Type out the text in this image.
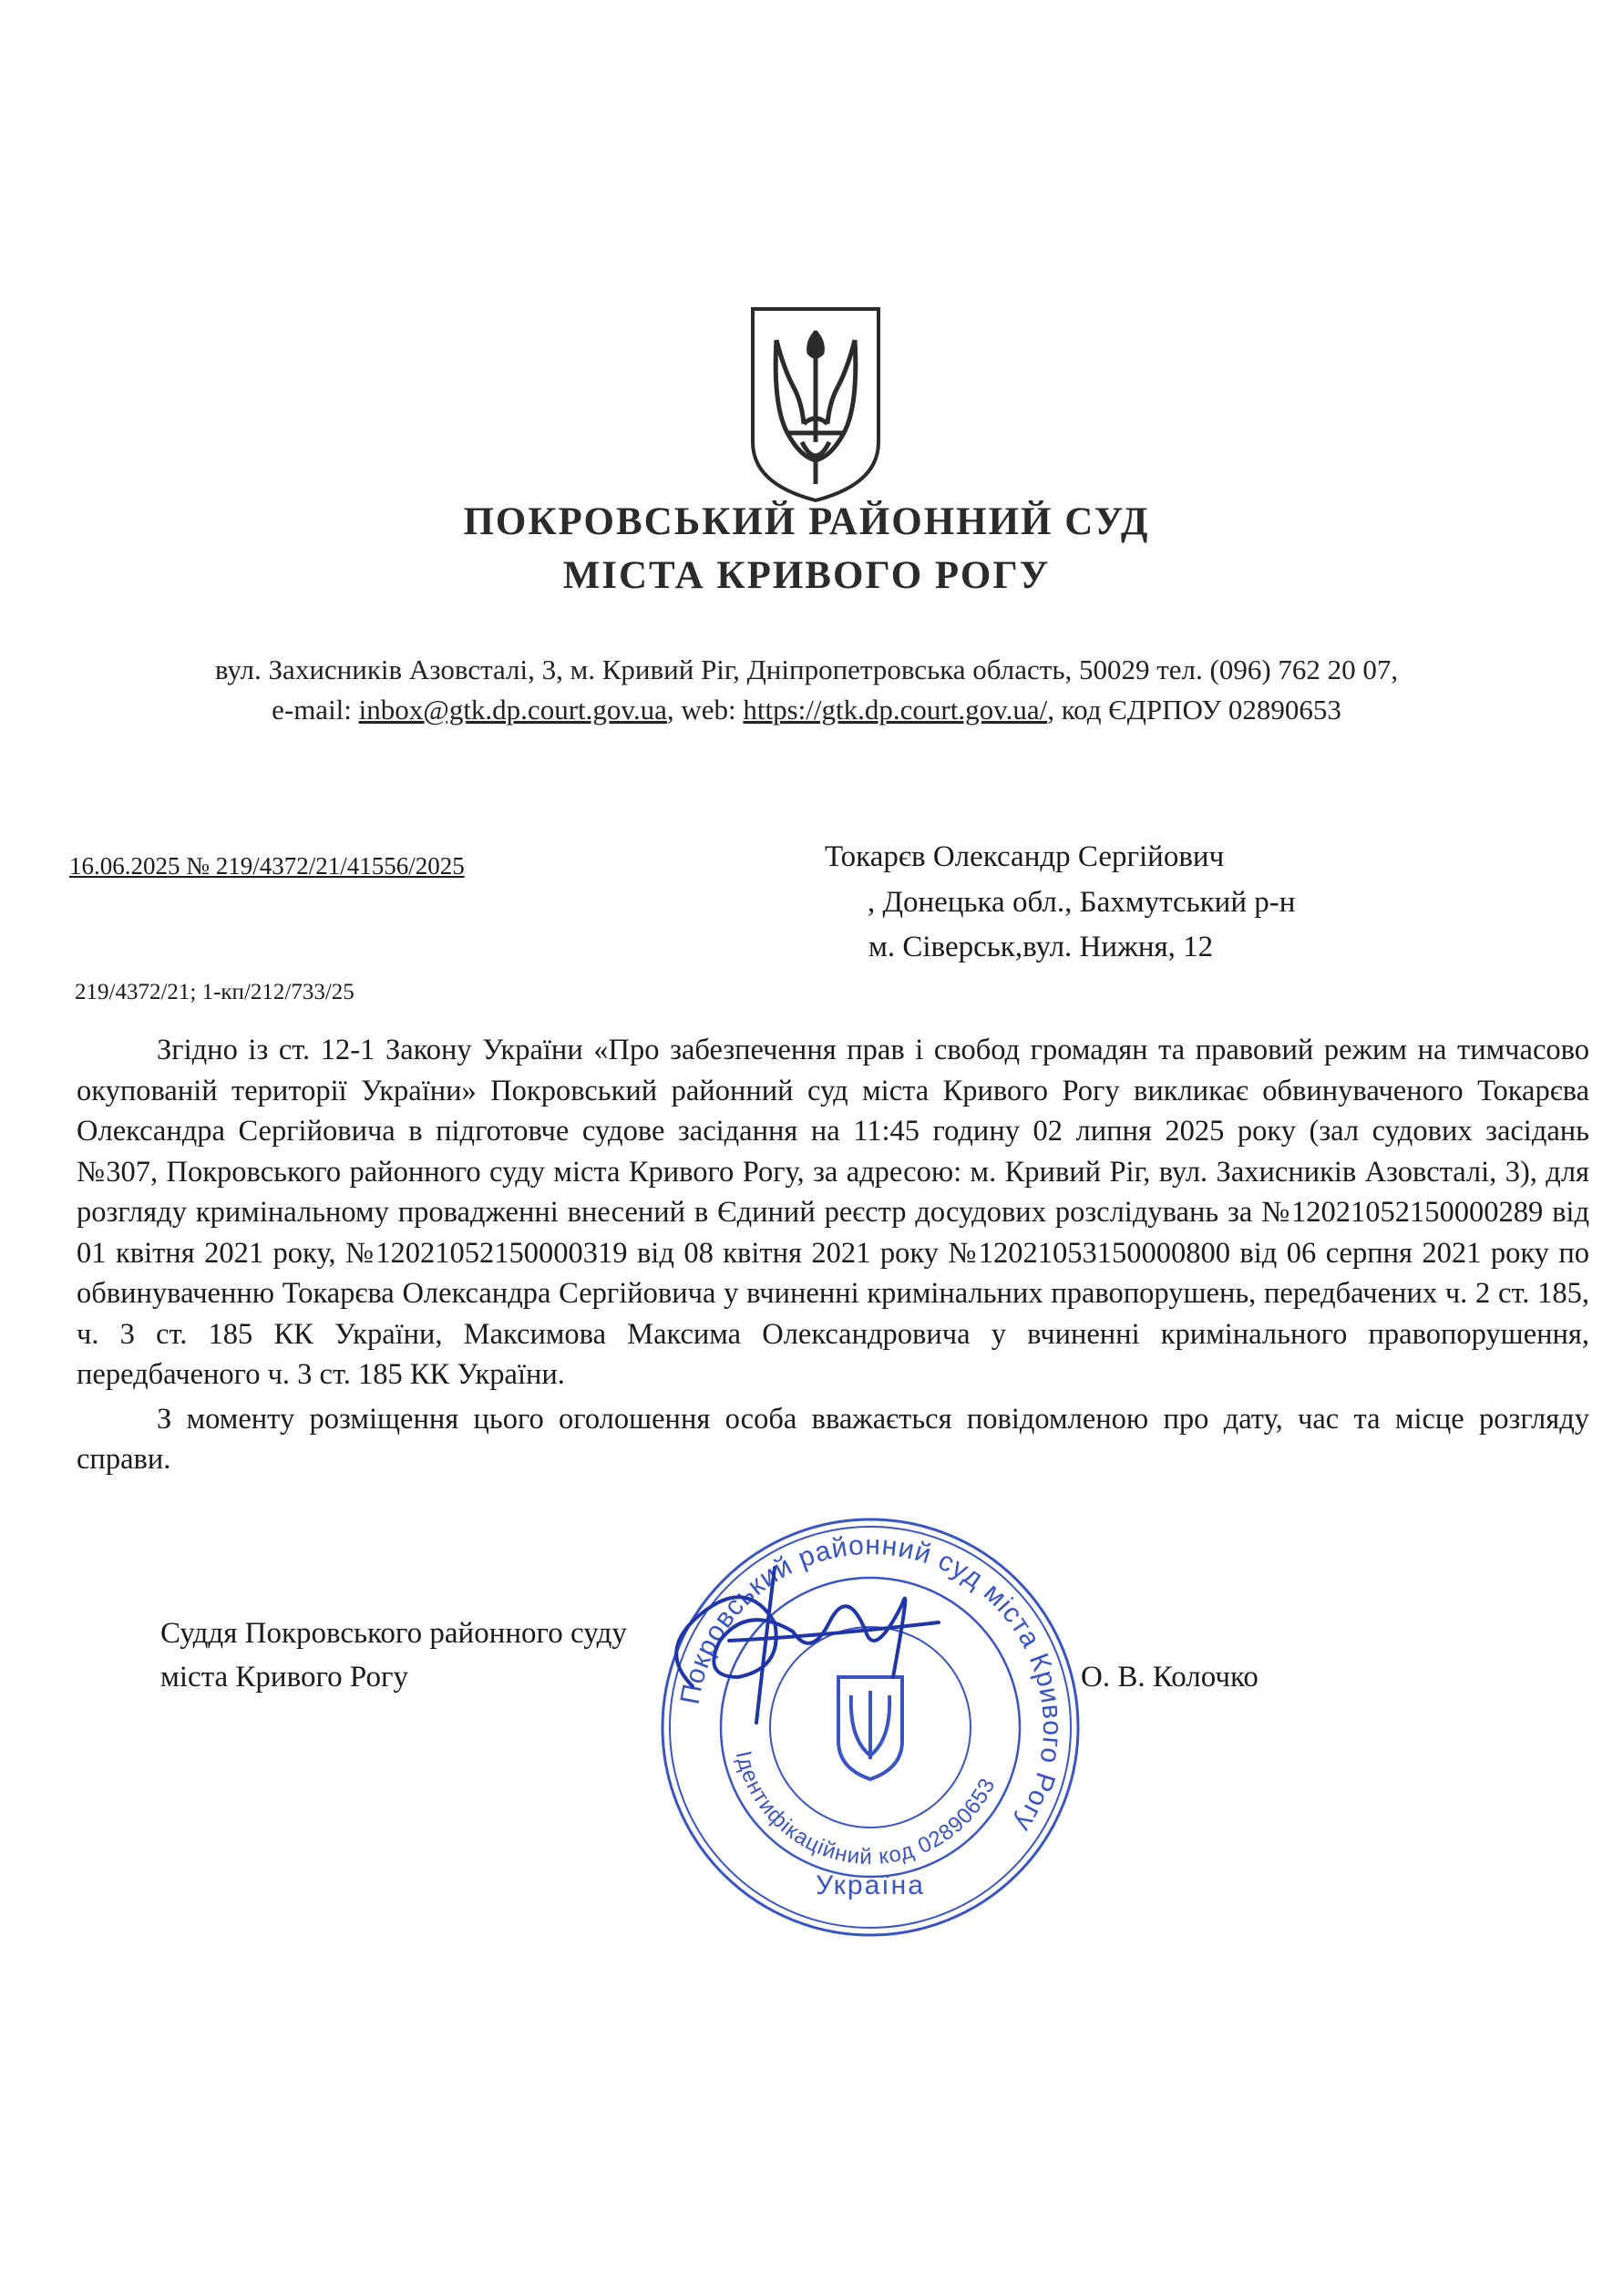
ПОКРОВСЬКИЙ РАЙОННИЙ СУД
МІСТА КРИВОГО РОГУ
вул. Захисників Азовсталі, 3, м. Кривий Ріг, Дніпропетровська область, 50029 тел. (096) 762 20 07,
e-mail: inbox@gtk.dp.court.gov.ua, web: https://gtk.dp.court.gov.ua/, код ЄДРПОУ 02890653
16.06.2025 № 219/4372/21/41556/2025
219/4372/21; 1-кп/212/733/25
Токарєв Олександр Сергійович
, Донецька обл., Бахмутський р-н
м. Сіверськ,вул. Нижня, 12

Згідно із ст. 12-1 Закону України «Про забезпечення прав і свобод громадян та правовий режим на тимчасово окупованій території України» Покровський районний суд міста Кривого Рогу викликає обвинуваченого Токарєва Олександра Сергійовича в підготовче судове засідання на 11:45 годину 02 липня 2025 року (зал судових засідань №307, Покровського районного суду міста Кривого Рогу, за адресою: м. Кривий Ріг, вул. Захисників Азовсталі, 3), для розгляду кримінальному провадженні внесений в Єдиний реєстр досудових розслідувань за №12021052150000289 від 01 квітня 2021 року, №12021052150000319 від 08 квітня 2021 року №12021053150000800 від 06 серпня 2021 року по обвинуваченню Токарєва Олександра Сергійовича у вчиненні кримінальних правопорушень, передбачених ч. 2 ст. 185, ч. 3 ст. 185 КК України, Максимова Максима Олександровича у вчиненні кримінального правопорушення, передбаченого ч. 3 ст. 185 КК України.

З моменту розміщення цього оголошення особа вважається повідомленою про дату, час та місце розгляду справи.

Суддя Покровського районного суду
міста Кривого Рогу	О. В. Колочко
Покровський районний суд міста Кривого Рогу
Ідентифікаційний код 02890653
Україна
